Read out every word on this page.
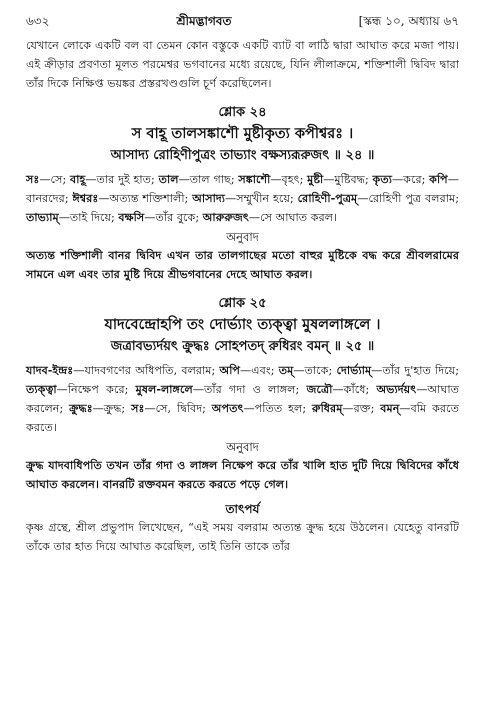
৬৩২	শ্রীমদ্ভাগবত	[স্কন্ধ ১০, অধ্যায় ৬৭

যেখানে লোকে একটি বল বা তেমন কোন বস্তুকে একটি ব্যাট বা লাঠি দ্বারা আঘাত করে মজা পায়। এই ক্রীড়ার প্রবণতা মূলত পরমেশ্বর ভগবানের মধ্যে রয়েছে, যিনি লীলাক্রমে, শক্তিশালী দ্বিবিদ দ্বারা তাঁর দিকে নিক্ষিপ্ত ভয়ঙ্কর প্রস্তরখণ্ডগুলি চূর্ণ করেছিলেন।

শ্লোক ২৪
স বাহূ তালসঙ্কাশৌ মুষ্টীকৃত্য কপীশ্বরঃ ।
আসাদ্য রোহিণীপুত্রং তাভ্যাং বক্ষস্যরূরুজৎ ॥ ২৪ ॥

সঃ—সে; বাহূ—তার দুই হাত; তাল—তাল গাছ; সঙ্কাশৌ—বৃহৎ; মুষ্টী—মুষ্টিবদ্ধ; কৃত্য—করে; কপি—বানরদের; ঈশ্বরঃ—অত্যন্ত শক্তিশালী; আসাদ্য—সম্মুখীন হয়ে; রোহিণী-পুত্রম্—রোহিণী পুত্র বলরাম; তাভ্যাম্—তাই দিয়ে; বক্ষসি—তাঁর বুকে; আরুরুজৎ—সে আঘাত করল।

অনুবাদ

অত্যন্ত শক্তিশালী বানর দ্বিবিদ এখন তার তালগাছের মতো বাহুর মুষ্টিকে বদ্ধ করে শ্রীবলরামের সামনে এল এবং তার মুষ্টি দিয়ে শ্রীভগবানের দেহে আঘাত করল।

শ্লোক ২৫
যাদবেন্দ্রোহপি তং দোর্ভ্যাং ত্যক্ত্বা মুষললাঙ্গলে ।
জত্রাবভ্যর্দয়ৎ ক্রুদ্ধঃ সোহপতদ্ রুধিরং বমন্ ॥ ২৫ ॥

যাদব-ইন্দ্রঃ—যাদবগণের অধিপতি, বলরাম; অপি—এবং; তম্—তাকে; দোর্ভ্যাম্—তাঁর দু'হাত দিয়ে; ত্যক্ত্বা—নিক্ষেপ করে; মুষল-লাঙ্গলে—তাঁর গদা ও লাঙ্গল; জত্রৌ—কাঁধে; অভ্যর্দয়ৎ—আঘাত করলেন; ক্রুদ্ধঃ—ক্রুদ্ধ; সঃ—সে, দ্বিবিদ; অপতৎ—পতিত হল; রুধিরম্—রক্ত; বমন্—বমি করতে করতে।

অনুবাদ

ক্রুদ্ধ যাদবাধিপতি তখন তাঁর গদা ও লাঙ্গল নিক্ষেপ করে তাঁর খালি হাত দুটি দিয়ে দ্বিবিদের কাঁধে আঘাত করলেন। বানরটি রক্তবমন করতে করতে পড়ে গেল।

তাৎপর্য

কৃষ্ণ গ্রন্থে, শ্রীল প্রভুপাদ লিখেছেন, “এই সময় বলরাম অত্যন্ত ক্রুদ্ধ হয়ে উঠলেন। যেহেতু বানরটি তাঁকে তার হাত দিয়ে আঘাত করেছিল, তাই তিনি তাকে তাঁর
